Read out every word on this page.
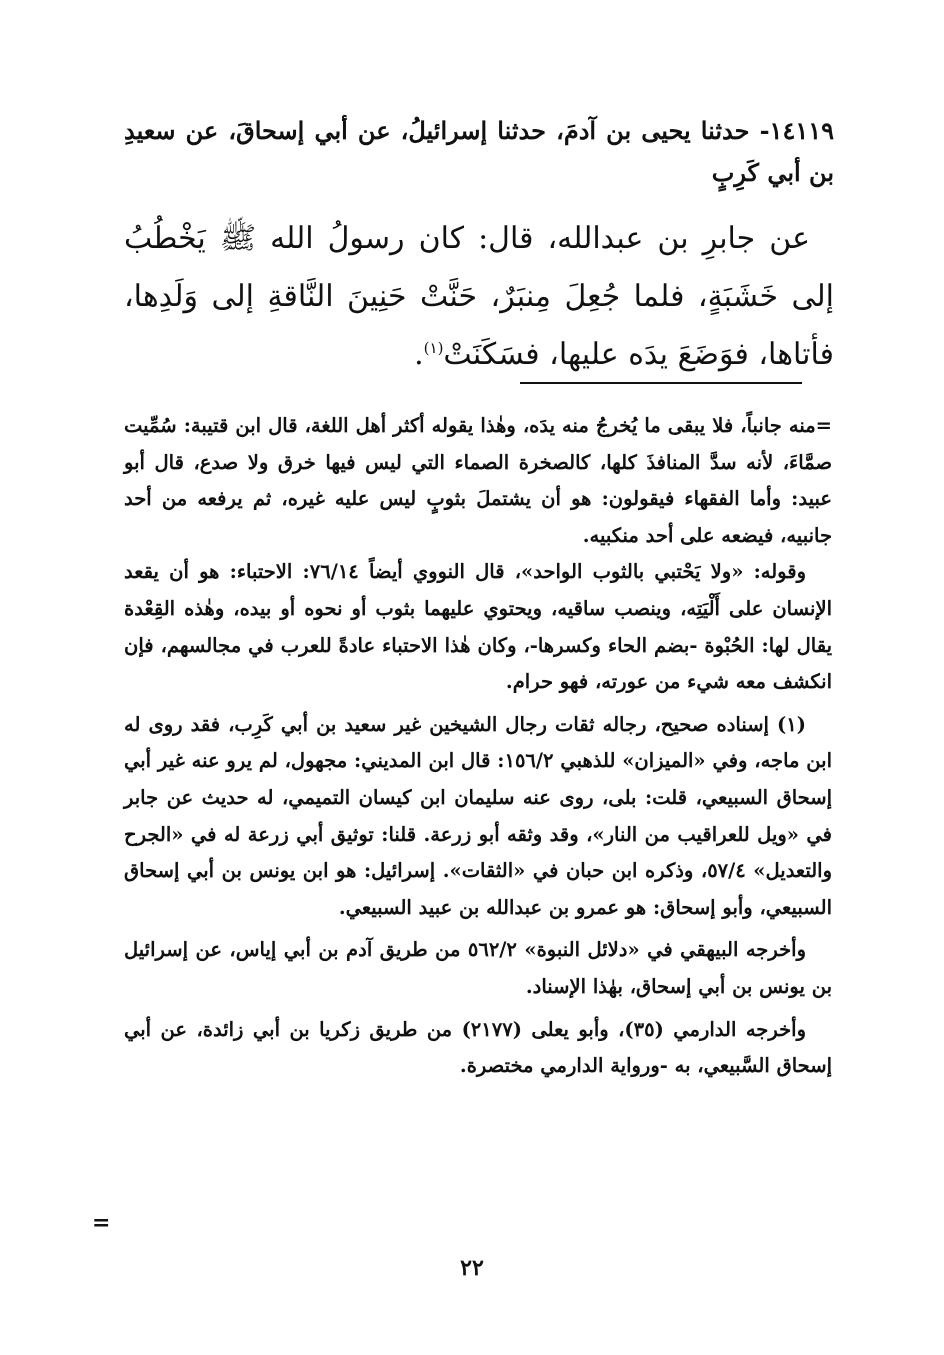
١٤١١٩- حدثنا يحيى بن آدمَ، حدثنا إسرائيلُ، عن أبي إسحاقَ، عن سعيدِ بن أبي كَرِبٍ

عن جابرِ بن عبدالله، قال: كان رسولُ الله ﷺ يَخْطُبُ إلى خَشَبَةٍ، فلما جُعِلَ مِنبَرٌ، حَنَّتْ حَنِينَ النَّاقةِ إلى وَلَدِها، فأتاها، فوَضَعَ يدَه عليها، فسَكَنَتْ$^{(١)}$.

=منه جانباً، فلا يبقى ما يُخرجُ منه يدَه، وهٰذا يقوله أكثر أهل اللغة، قال ابن قتيبة: سُمِّيت صمَّاءَ، لأنه سدَّ المنافذَ كلها، كالصخرة الصماء التي ليس فيها خرق ولا صدع، قال أبو عبيد: وأما الفقهاء فيقولون: هو أن يشتملَ بثوبٍ ليس عليه غيره، ثم يرفعه من أحد جانبيه، فيضعه على أحد منكبيه.

وقوله: «ولا يَحْتبي بالثوب الواحد»، قال النووي أيضاً ٧٦/١٤: الاحتباء: هو أن يقعد الإنسان على أَلْيَتِه، وينصب ساقيه، ويحتوي عليهما بثوب أو نحوه أو بيده، وهٰذه القِعْدة يقال لها: الحُبْوة -بضم الحاء وكسرها-، وكان هٰذا الاحتباء عادةً للعرب في مجالسهم، فإن انكشف معه شيء من عورته، فهو حرام.

(١) إسناده صحيح، رجاله ثقات رجال الشيخين غير سعيد بن أبي كَرِب، فقد روى له ابن ماجه، وفي «الميزان» للذهبي ١٥٦/٢: قال ابن المديني: مجهول، لم يرو عنه غير أبي إسحاق السبيعي، قلت: بلى، روى عنه سليمان ابن كيسان التميمي، له حديث عن جابر في «ويل للعراقيب من النار»، وقد وثقه أبو زرعة. قلنا: توثيق أبي زرعة له في «الجرح والتعديل» ٥٧/٤، وذكره ابن حبان في «الثقات». إسرائيل: هو ابن يونس بن أبي إسحاق السبيعي، وأبو إسحاق: هو عمرو بن عبدالله بن عبيد السبيعي.

وأخرجه البيهقي في «دلائل النبوة» ٥٦٢/٢ من طريق آدم بن أبي إياس، عن إسرائيل بن يونس بن أبي إسحاق، بهٰذا الإسناد.

وأخرجه الدارمي (٣٥)، وأبو يعلى (٢١٧٧) من طريق زكريا بن أبي زائدة، عن أبي إسحاق السَّبيعي، به -ورواية الدارمي مختصرة.

=
٢٢
